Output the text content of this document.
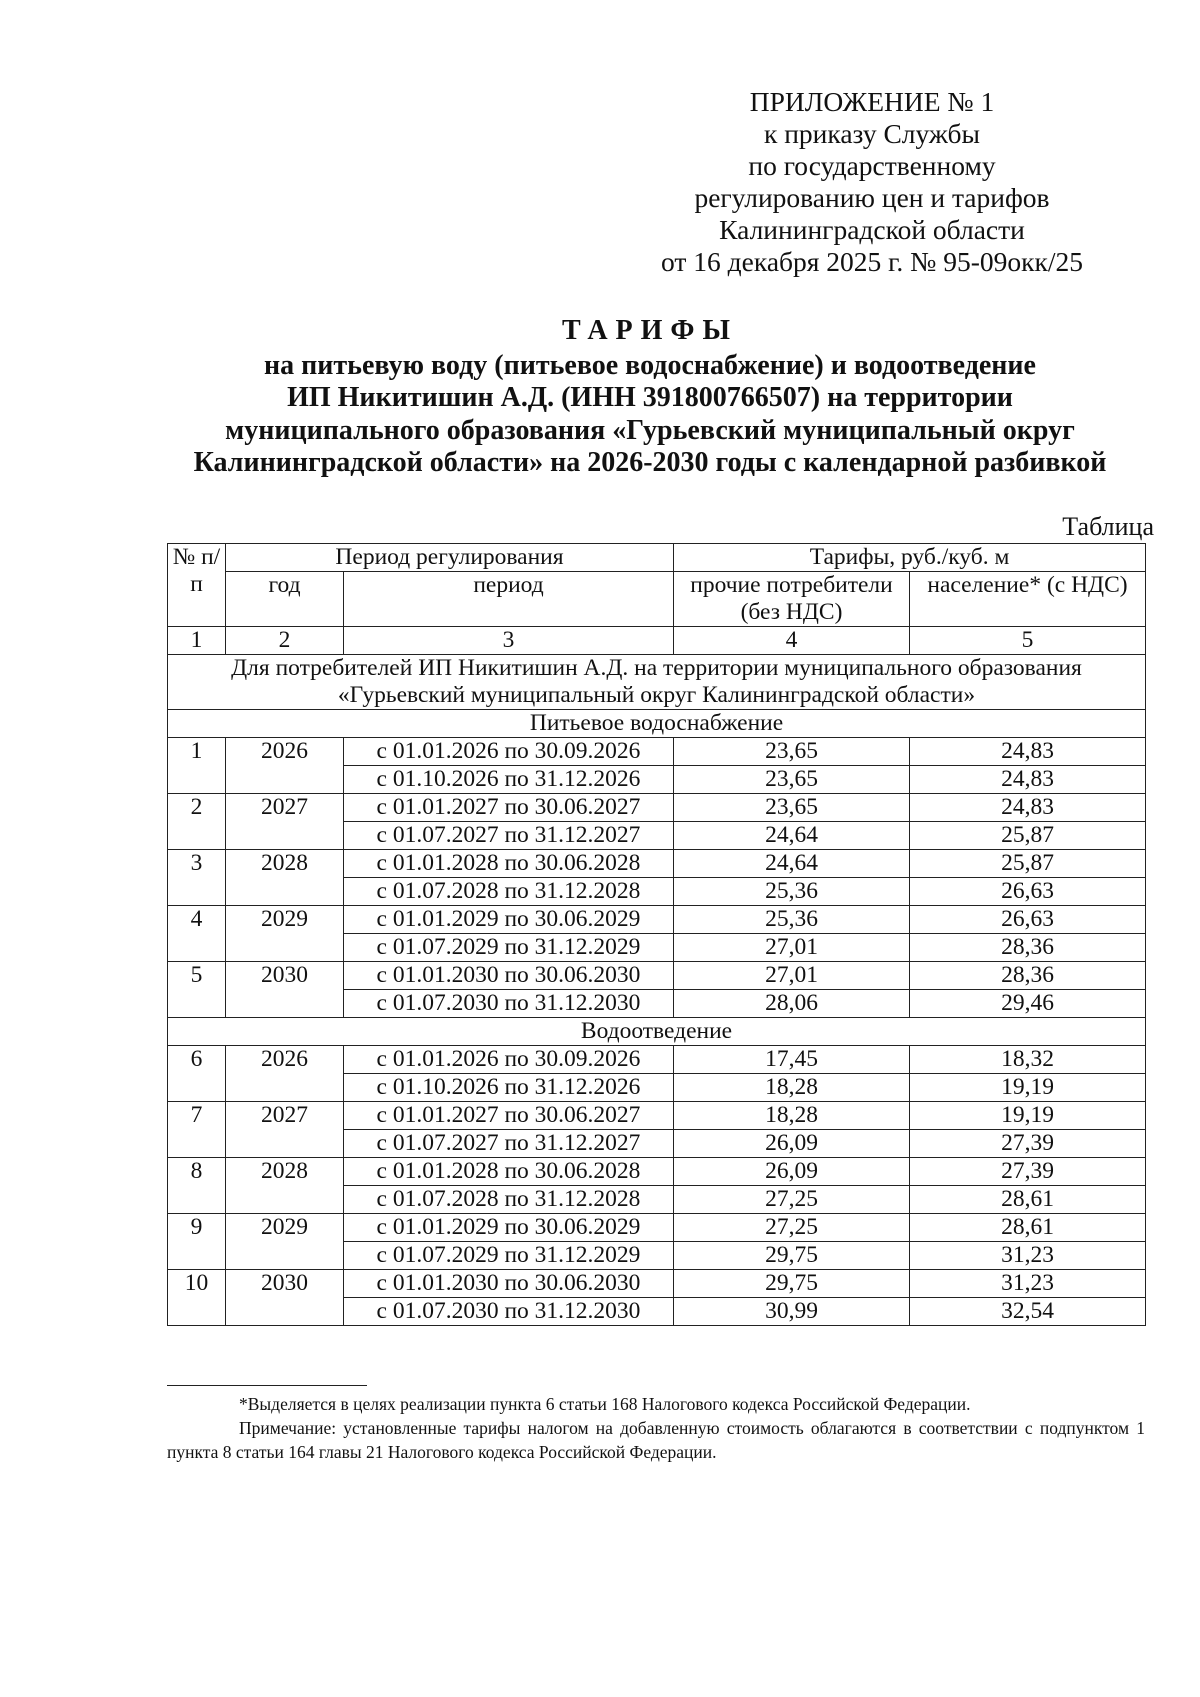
ПРИЛОЖЕНИЕ № 1
к приказу Службы
по государственному
регулированию цен и тарифов
Калининградской области
от 16 декабря 2025 г. № 95-09окк/25
ТАРИФЫ
на питьевую воду (питьевое водоснабжение) и водоотведение
ИП Никитишин А.Д. (ИНН 391800766507) на территории
муниципального образования «Гурьевский муниципальный округ
Калининградской области» на 2026-2030 годы с календарной разбивкой
Таблица
№ п/п	Период регулирования		Тарифы, руб./куб. м	
	год	период	прочие потребители (без НДС)	население* (с НДС)
1	2	3	4	5
Для потребителей ИП Никитишин А.Д. на территории муниципального образования «Гурьевский муниципальный округ Калининградской области»				
Питьевое водоснабжение				
1	2026	с 01.01.2026 по 30.09.2026	23,65	24,83
		с 01.10.2026 по 31.12.2026	23,65	24,83
2	2027	с 01.01.2027 по 30.06.2027	23,65	24,83
		с 01.07.2027 по 31.12.2027	24,64	25,87
3	2028	с 01.01.2028 по 30.06.2028	24,64	25,87
		с 01.07.2028 по 31.12.2028	25,36	26,63
4	2029	с 01.01.2029 по 30.06.2029	25,36	26,63
		с 01.07.2029 по 31.12.2029	27,01	28,36
5	2030	с 01.01.2030 по 30.06.2030	27,01	28,36
		с 01.07.2030 по 31.12.2030	28,06	29,46
Водоотведение				
6	2026	с 01.01.2026 по 30.09.2026	17,45	18,32
		с 01.10.2026 по 31.12.2026	18,28	19,19
7	2027	с 01.01.2027 по 30.06.2027	18,28	19,19
		с 01.07.2027 по 31.12.2027	26,09	27,39
8	2028	с 01.01.2028 по 30.06.2028	26,09	27,39
		с 01.07.2028 по 31.12.2028	27,25	28,61
9	2029	с 01.01.2029 по 30.06.2029	27,25	28,61
		с 01.07.2029 по 31.12.2029	29,75	31,23
10	2030	с 01.01.2030 по 30.06.2030	29,75	31,23
		с 01.07.2030 по 31.12.2030	30,99	32,54

*Выделяется в целях реализации пункта 6 статьи 168 Налогового кодекса Российской Федерации.

Примечание: установленные тарифы налогом на добавленную стоимость облагаются в соответствии с подпунктом 1 пункта 8 статьи 164 главы 21 Налогового кодекса Российской Федерации.
